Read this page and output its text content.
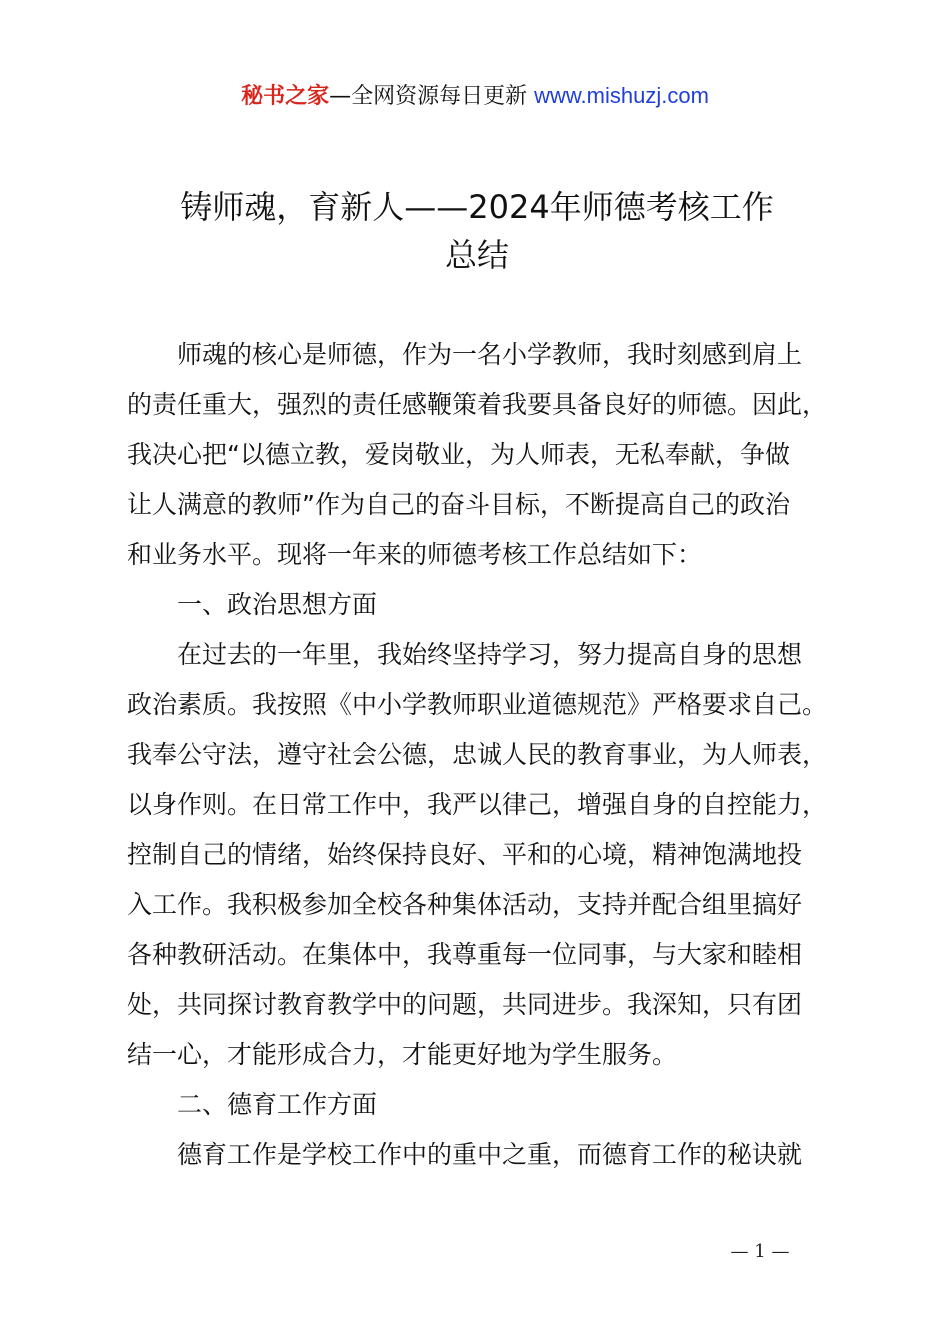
秘书之家—全网资源每日更新 www.mishuzj.com
铸师魂，育新人——2024年师德考核工作
总结

师魂的核心是师德，作为一名小学教师，我时刻感到肩上
的责任重大，强烈的责任感鞭策着我要具备良好的师德。因此，
我决心把“以德立教，爱岗敬业，为人师表，无私奉献，争做
让人满意的教师”作为自己的奋斗目标，不断提高自己的政治
和业务水平。现将一年来的师德考核工作总结如下：

一、政治思想方面

在过去的一年里，我始终坚持学习，努力提高自身的思想
政治素质。我按照《中小学教师职业道德规范》严格要求自己。
我奉公守法，遵守社会公德，忠诚人民的教育事业，为人师表，
以身作则。在日常工作中，我严以律己，增强自身的自控能力，
控制自己的情绪，始终保持良好、平和的心境，精神饱满地投
入工作。我积极参加全校各种集体活动，支持并配合组里搞好
各种教研活动。在集体中，我尊重每一位同事，与大家和睦相
处，共同探讨教育教学中的问题，共同进步。我深知，只有团
结一心，才能形成合力，才能更好地为学生服务。

二、德育工作方面

德育工作是学校工作中的重中之重，而德育工作的秘诀就

— 1 —
